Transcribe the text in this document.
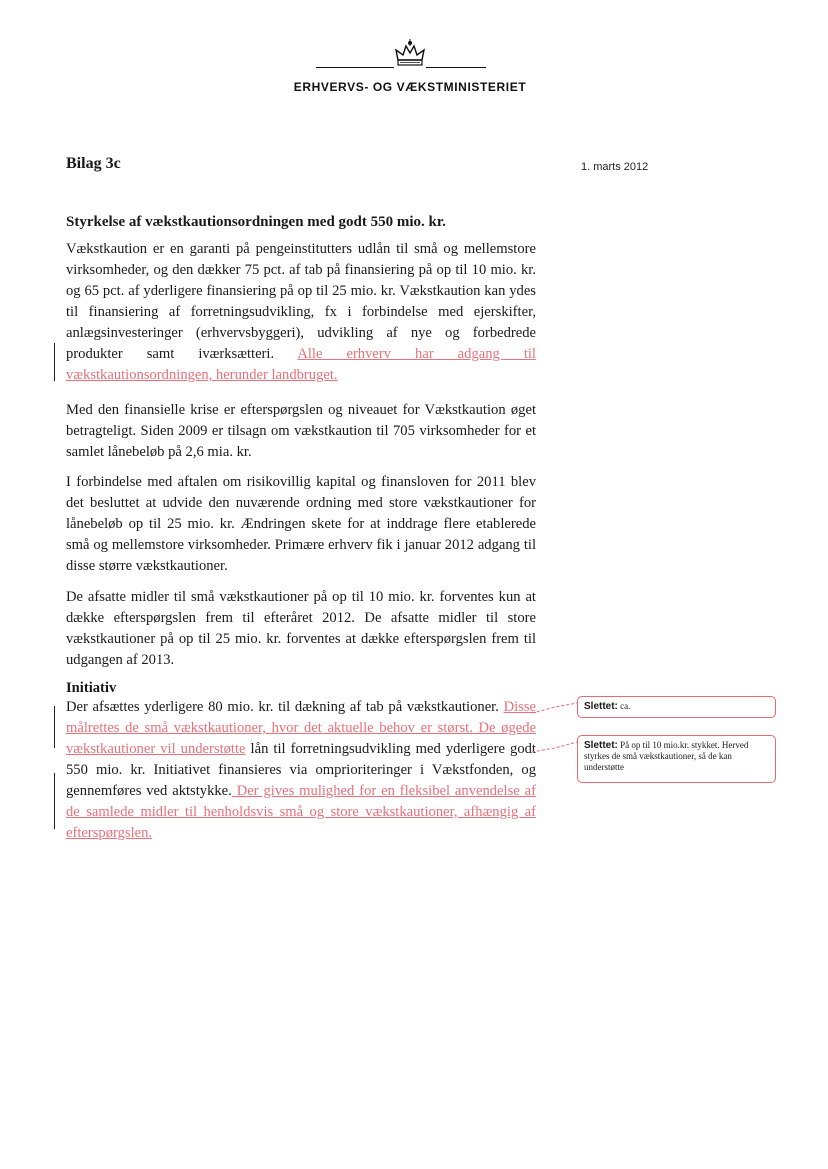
ERHVERVS- OG VÆKSTMINISTERIET
Bilag 3c	1. marts 2012
Styrkelse af vækstkautionsordningen med godt 550 mio. kr.

Vækstkaution er en garanti på pengeinstitutters udlån til små og mellemstore virksomheder, og den dækker 75 pct. af tab på finansiering på op til 10 mio. kr. og 65 pct. af yderligere finansiering på op til 25 mio. kr. Vækstkaution kan ydes til finansiering af forretningsudvikling, fx i forbindelse med ejerskifter, anlægsinvesteringer (erhvervsbyggeri), udvikling af nye og forbedrede produkter samt iværksætteri. Alle erhverv har adgang til vækstkautionsordningen, herunder landbruget.

Med den finansielle krise er efterspørgslen og niveauet for Vækstkaution øget betragteligt. Siden 2009 er tilsagn om vækstkaution til 705 virksomheder for et samlet lånebeløb på 2,6 mia. kr.

I forbindelse med aftalen om risikovillig kapital og finansloven for 2011 blev det besluttet at udvide den nuværende ordning med store vækstkautioner for lånebeløb op til 25 mio. kr. Ændringen skete for at inddrage flere etablerede små og mellemstore virksomheder. Primære erhverv fik i januar 2012 adgang til disse større vækstkautioner.

De afsatte midler til små vækstkautioner på op til 10 mio. kr. forventes kun at dække efterspørgslen frem til efteråret 2012. De afsatte midler til store vækstkautioner på op til 25 mio. kr. forventes at dække efterspørgslen frem til udgangen af 2013.

Initiativ

Der afsættes yderligere 80 mio. kr. til dækning af tab på vækstkautioner. Disse målrettes de små vækstkautioner, hvor det aktuelle behov er størst. De øgede vækstkautioner vil understøtte lån til forretningsudvikling med yderligere godt 550 mio. kr. Initiativet finansieres via omprioriteringer i Vækstfonden, og gennemføres ved aktstykke. Der gives mulighed for en fleksibel anvendelse af de samlede midler til henholdsvis små og store vækstkautioner, afhængig af efterspørgslen.

Slettet: ca.
Slettet: På op til 10 mio.kr. stykket. Herved styrkes de små vækstkautioner, så de kan understøtte
